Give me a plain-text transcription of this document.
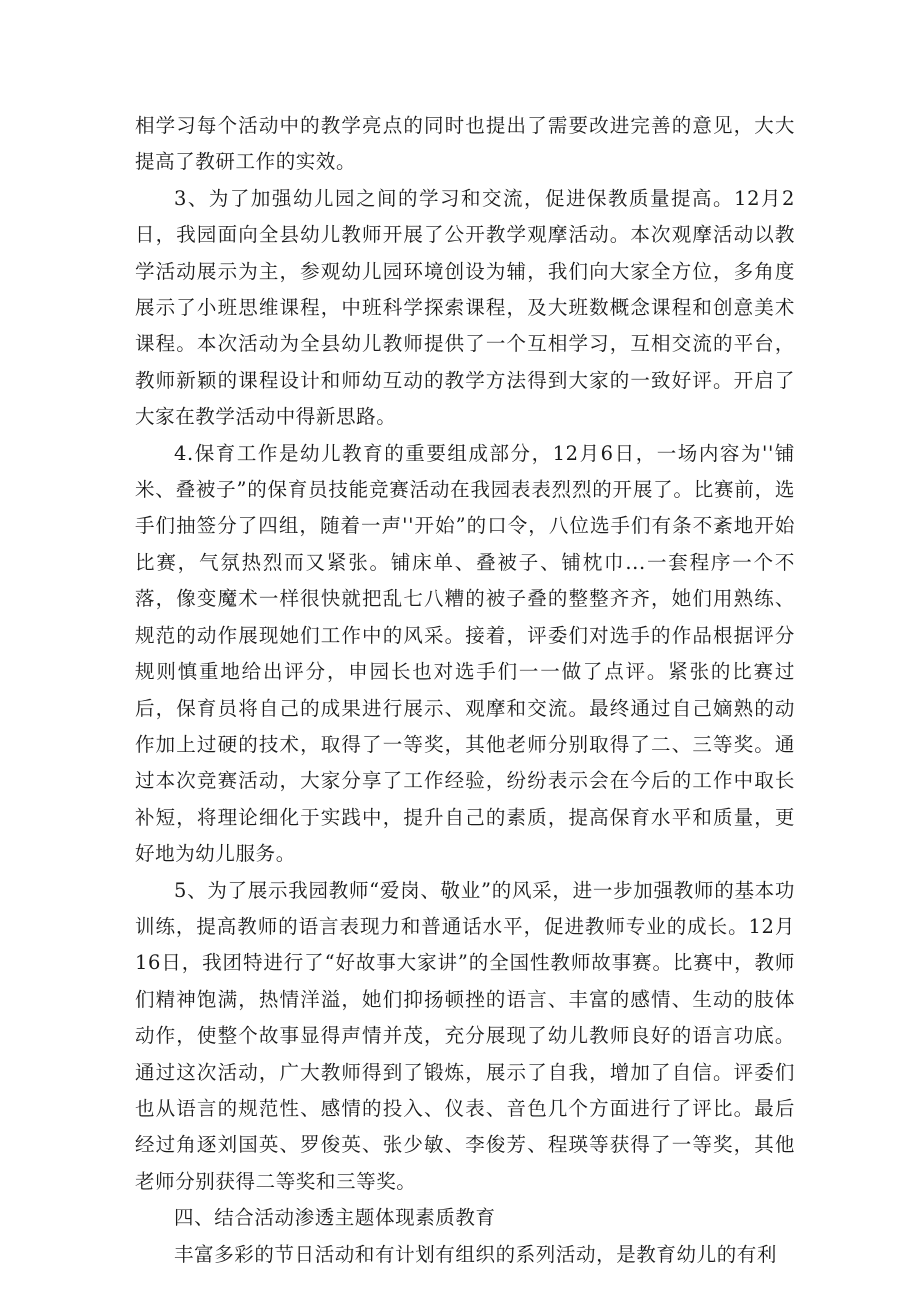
相学习每个活动中的教学亮点的同时也提出了需要改进完善的意见，大大提高了教研工作的实效。

3、为了加强幼儿园之间的学习和交流，促进保教质量提高。12月2日，我园面向全县幼儿教师开展了公开教学观摩活动。本次观摩活动以教学活动展示为主，参观幼儿园环境创设为辅，我们向大家全方位，多角度展示了小班思维课程，中班科学探索课程，及大班数概念课程和创意美术课程。本次活动为全县幼儿教师提供了一个互相学习，互相交流的平台，教师新颖的课程设计和师幼互动的教学方法得到大家的一致好评。开启了大家在教学活动中得新思路。

4.保育工作是幼儿教育的重要组成部分，12月6日，一场内容为''铺米、叠被子”的保育员技能竞赛活动在我园表表烈烈的开展了。比赛前，选手们抽签分了四组，随着一声''开始”的口令，八位选手们有条不紊地开始比赛，气氛热烈而又紧张。铺床单、叠被子、铺枕巾...一套程序一个不落，像变魔术一样很快就把乱七八糟的被子叠的整整齐齐，她们用熟练、规范的动作展现她们工作中的风采。接着，评委们对选手的作品根据评分规则慎重地给出评分，申园长也对选手们一一做了点评。紧张的比赛过后，保育员将自己的成果进行展示、观摩和交流。最终通过自己嫡熟的动作加上过硬的技术，取得了一等奖，其他老师分别取得了二、三等奖。通过本次竞赛活动，大家分享了工作经验，纷纷表示会在今后的工作中取长补短，将理论细化于实践中，提升自己的素质，提高保育水平和质量，更好地为幼儿服务。

5、为了展示我园教师“爱岗、敬业”的风采，进一步加强教师的基本功训练，提高教师的语言表现力和普通话水平，促进教师专业的成长。12月16日，我团特进行了“好故事大家讲”的全国性教师故事赛。比赛中，教师们精神饱满，热情洋溢，她们抑扬顿挫的语言、丰富的感情、生动的肢体动作，使整个故事显得声情并茂，充分展现了幼儿教师良好的语言功底。通过这次活动，广大教师得到了锻炼，展示了自我，增加了自信。评委们也从语言的规范性、感情的投入、仪表、音色几个方面进行了评比。最后经过角逐刘国英、罗俊英、张少敏、李俊芳、程瑛等获得了一等奖，其他老师分别获得二等奖和三等奖。

四、结合活动渗透主题体现素质教育

丰富多彩的节日活动和有计划有组织的系列活动，是教育幼儿的有利
